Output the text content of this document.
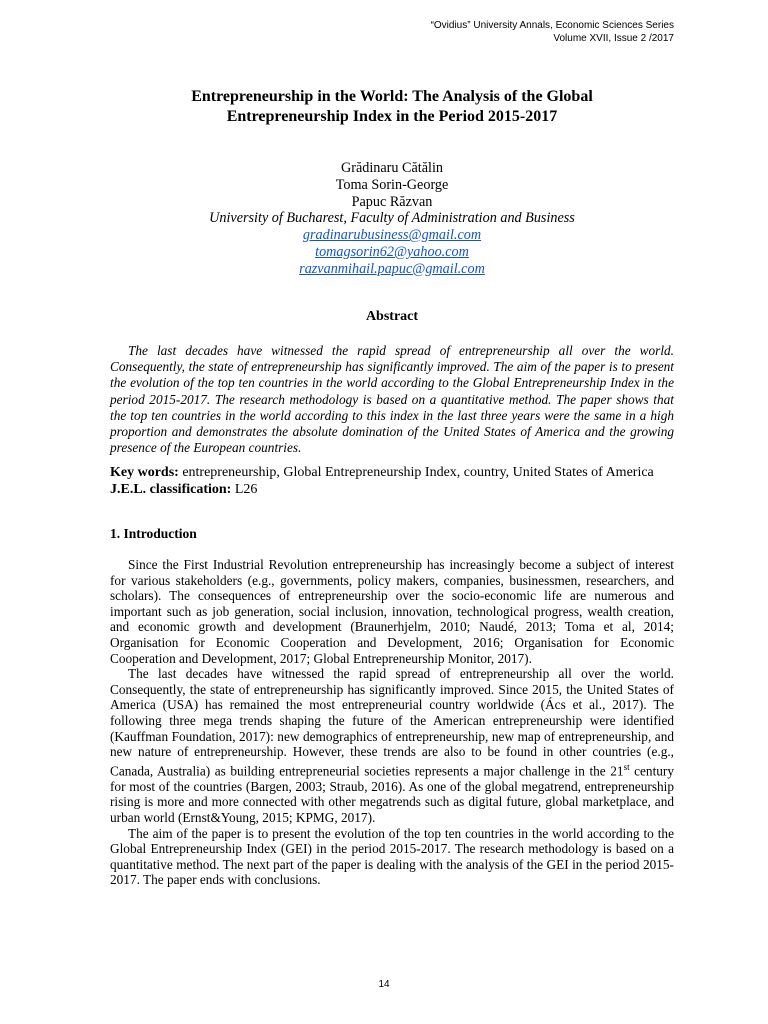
“Ovidius” University Annals, Economic Sciences Series
Volume XVII, Issue 2 /2017
Entrepreneurship in the World: The Analysis of the Global
Entrepreneurship Index in the Period 2015-2017
Grădinaru Cătălin
Toma Sorin-George
Papuc Răzvan
University of Bucharest, Faculty of Administration and Business
gradinarubusiness@gmail.com
tomagsorin62@yahoo.com
razvanmihail.papuc@gmail.com
Abstract

The last decades have witnessed the rapid spread of entrepreneurship all over the world. Consequently, the state of entrepreneurship has significantly improved. The aim of the paper is to present the evolution of the top ten countries in the world according to the Global Entrepreneurship Index in the period 2015-2017. The research methodology is based on a quantitative method. The paper shows that the top ten countries in the world according to this index in the last three years were the same in a high proportion and demonstrates the absolute domination of the United States of America and the growing presence of the European countries.

Key words: entrepreneurship, Global Entrepreneurship Index, country, United States of America
J.E.L. classification: L26
1. Introduction

Since the First Industrial Revolution entrepreneurship has increasingly become a subject of interest for various stakeholders (e.g., governments, policy makers, companies, businessmen, researchers, and scholars). The consequences of entrepreneurship over the socio-economic life are numerous and important such as job generation, social inclusion, innovation, technological progress, wealth creation, and economic growth and development (Braunerhjelm, 2010; Naudé, 2013; Toma et al, 2014; Organisation for Economic Cooperation and Development, 2016; Organisation for Economic Cooperation and Development, 2017; Global Entrepreneurship Monitor, 2017).

The last decades have witnessed the rapid spread of entrepreneurship all over the world. Consequently, the state of entrepreneurship has significantly improved. Since 2015, the United States of America (USA) has remained the most entrepreneurial country worldwide (Ács et al., 2017). The following three mega trends shaping the future of the American entrepreneurship were identified (Kauffman Foundation, 2017): new demographics of entrepreneurship, new map of entrepreneurship, and new nature of entrepreneurship. However, these trends are also to be found in other countries (e.g., Canada, Australia) as building entrepreneurial societies represents a major challenge in the 21st century for most of the countries (Bargen, 2003; Straub, 2016). As one of the global megatrend, entrepreneurship rising is more and more connected with other megatrends such as digital future, global marketplace, and urban world (Ernst&Young, 2015; KPMG, 2017).

The aim of the paper is to present the evolution of the top ten countries in the world according to the Global Entrepreneurship Index (GEI) in the period 2015-2017. The research methodology is based on a quantitative method. The next part of the paper is dealing with the analysis of the GEI in the period 2015-2017. The paper ends with conclusions.

14
